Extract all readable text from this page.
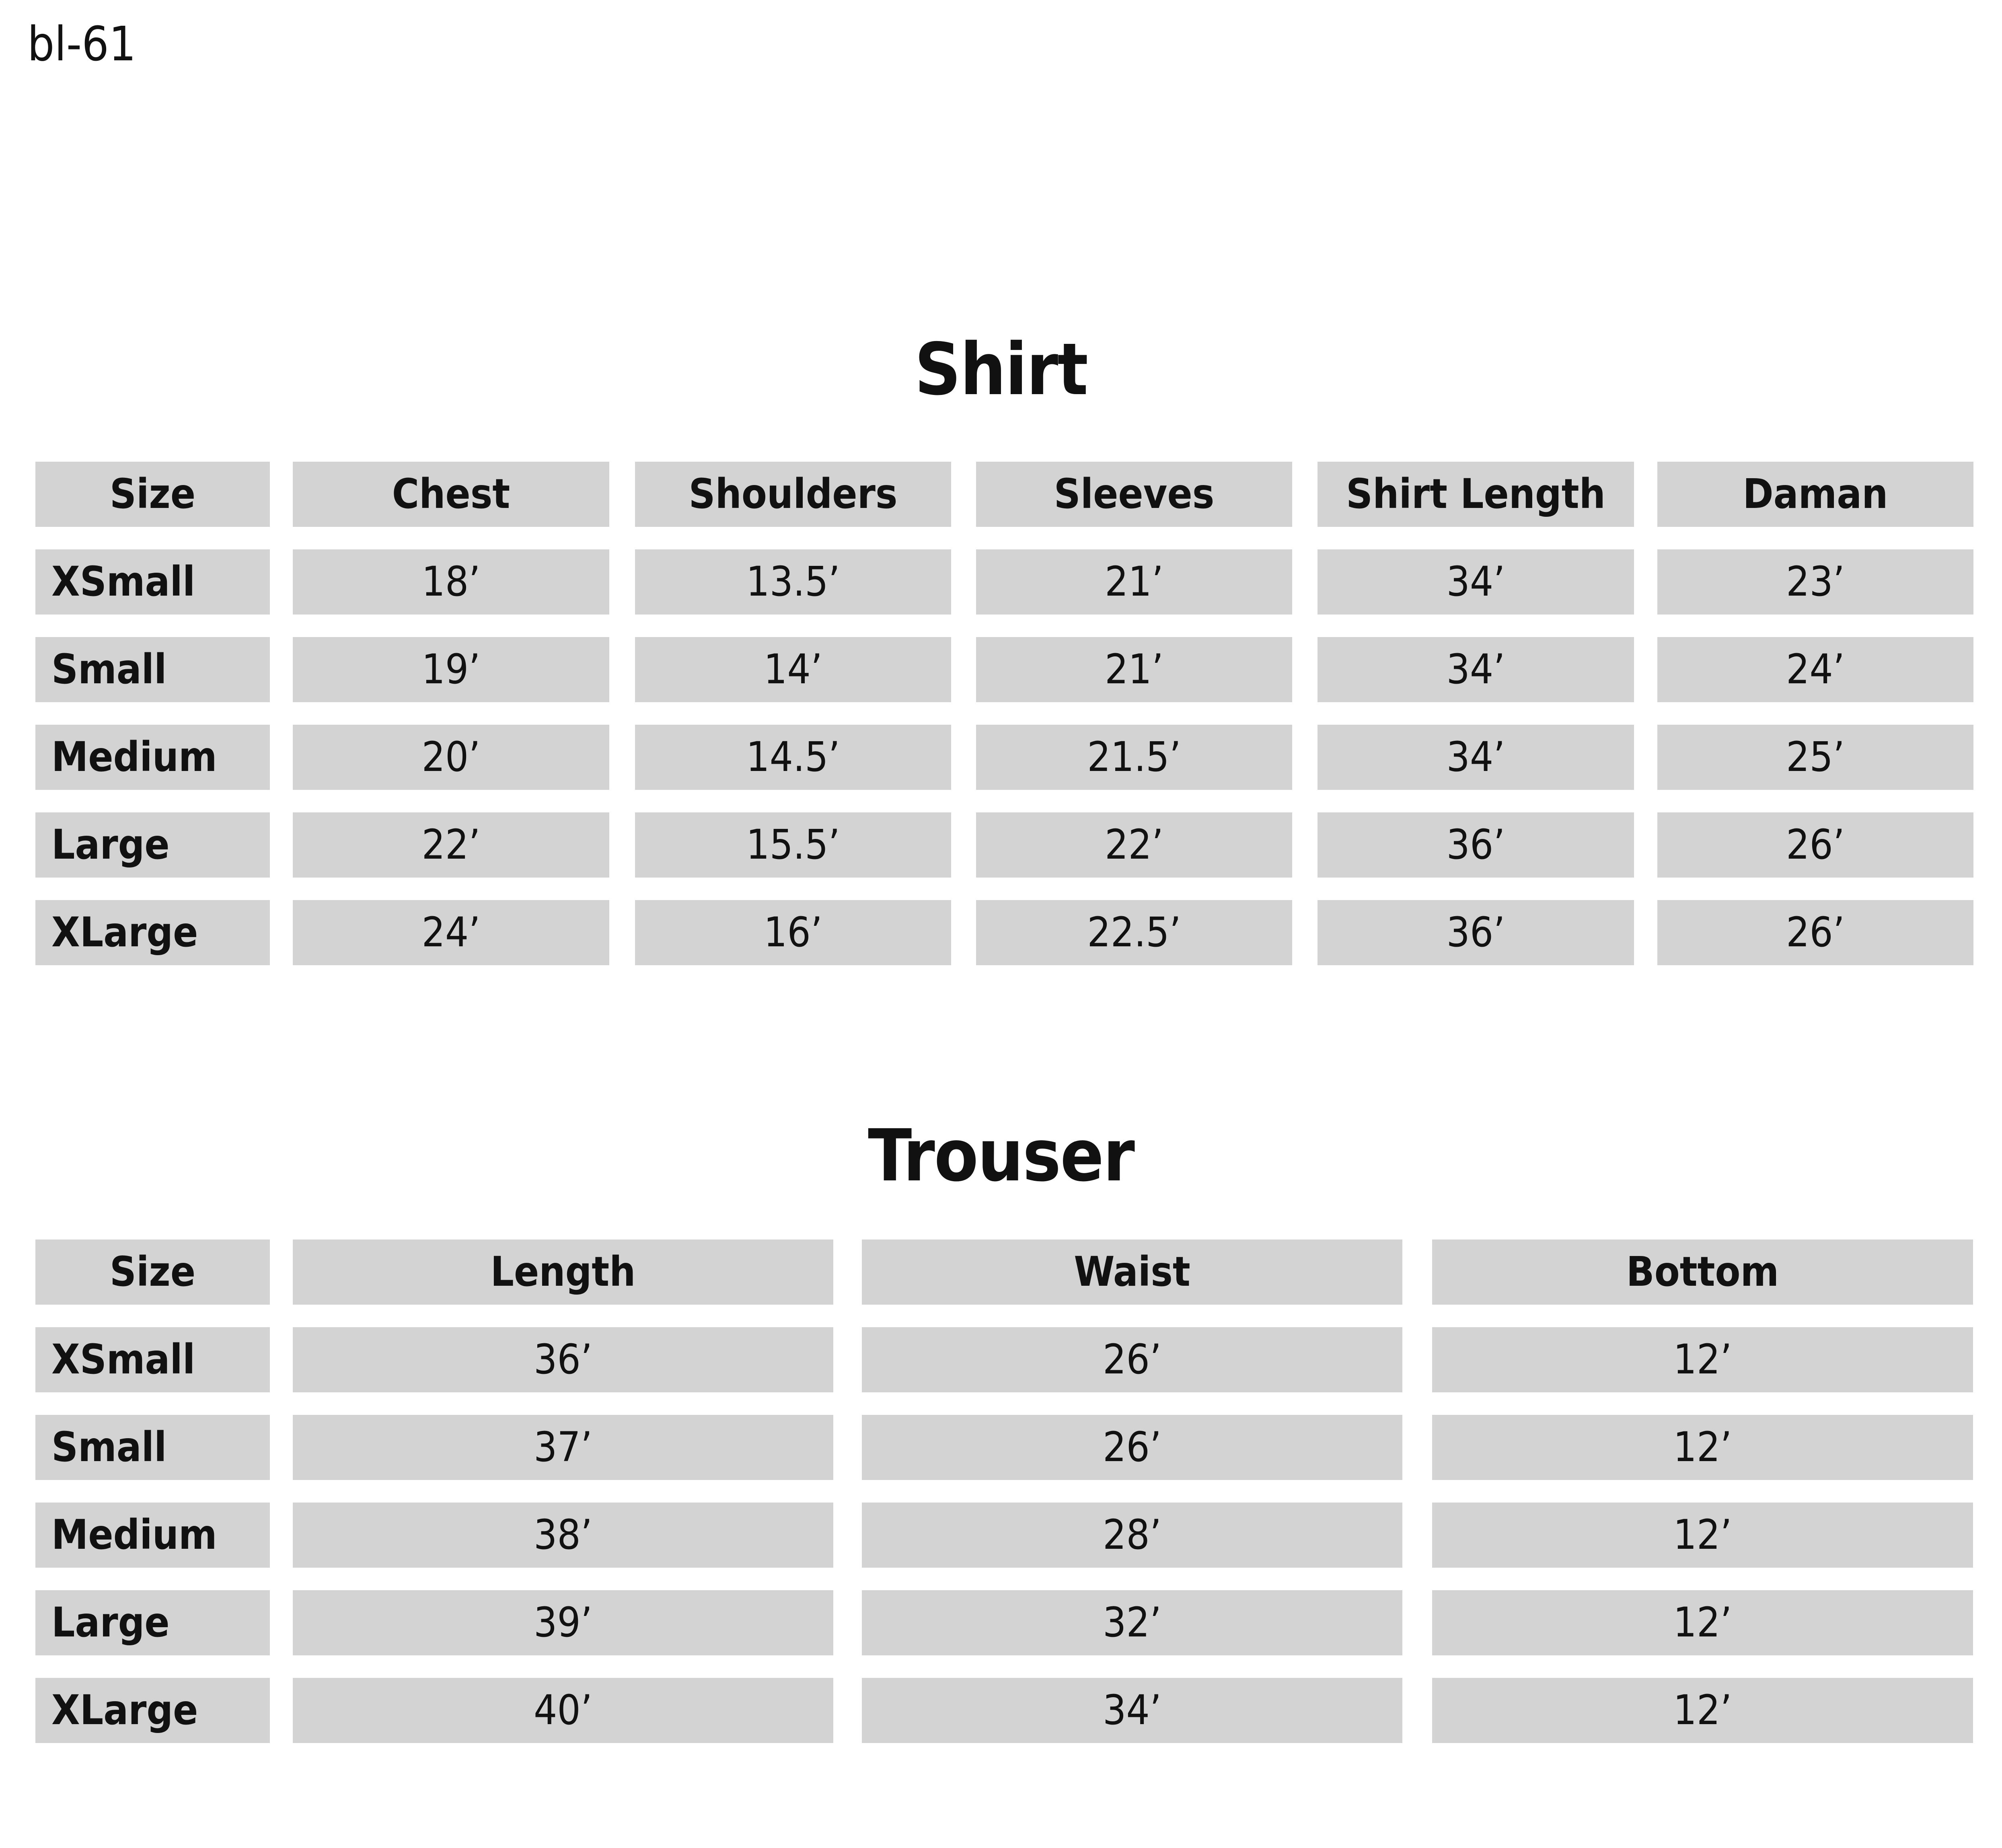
bl-61
Shirt
Size	Chest	Shoulders	Sleeves	Shirt Length	Daman
XSmall	18’	13.5’	21’	34’	23’
Small	19’	14’	21’	34’	24’
Medium	20’	14.5’	21.5’	34’	25’
Large	22’	15.5’	22’	36’	26’
XLarge	24’	16’	22.5’	36’	26’
Trouser
Size	Length	Waist	Bottom
XSmall	36’	26’	12’
Small	37’	26’	12’
Medium	38’	28’	12’
Large	39’	32’	12’
XLarge	40’	34’	12’
